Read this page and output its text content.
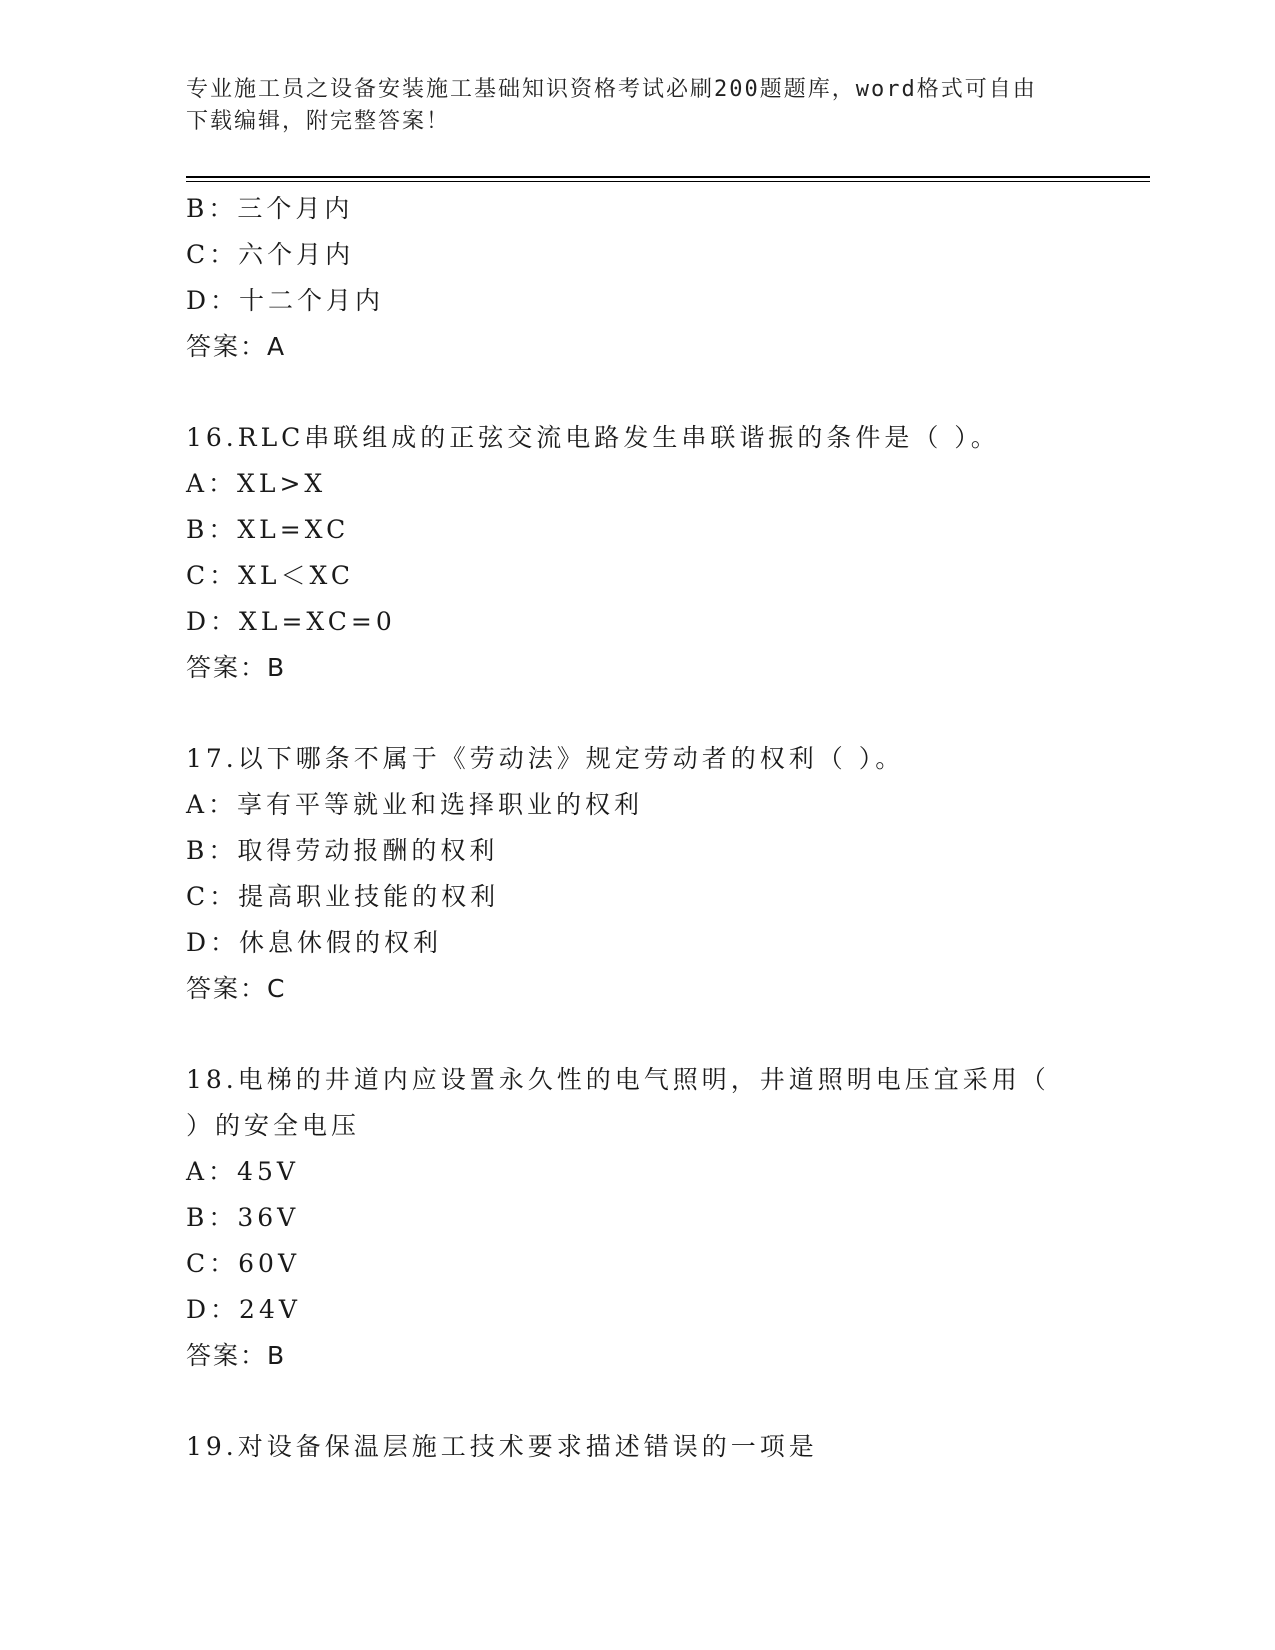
专业施工员之设备安装施工基础知识资格考试必刷200题题库，word格式可自由
下载编辑，附完整答案！
B：三个月内
C：六个月内
D：十二个月内
答案：A
16.RLC串联组成的正弦交流电路发生串联谐振的条件是（ ）。
A：XL>X
B：XL=XC
C：XL＜XC
D：XL=XC=0
答案：B
17.以下哪条不属于《劳动法》规定劳动者的权利（ ）。
A：享有平等就业和选择职业的权利
B：取得劳动报酬的权利
C：提高职业技能的权利
D：休息休假的权利
答案：C
18.电梯的井道内应设置永久性的电气照明，井道照明电压宜采用（
）的安全电压
A：45V
B：36V
C：60V
D：24V
答案：B
19.对设备保温层施工技术要求描述错误的一项是
